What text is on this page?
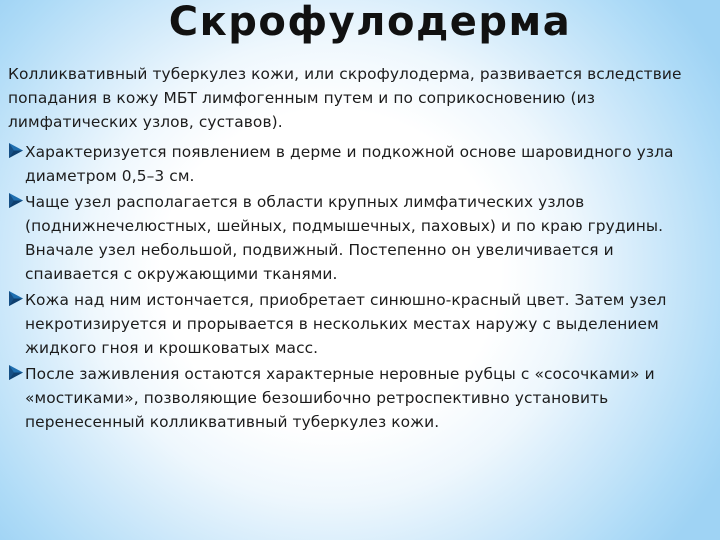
Скрофулодерма

Колликвативный туберкулез кожи, или скрофулодерма, развивается вследствие попадания в кожу МБТ лимфогенным путем и по соприкосновению (из лимфатических узлов, суставов).

Характеризуется появлением в дерме и подкожной основе шаровидного узла диаметром 0,5–3 см.
Чаще узел располагается в области крупных лимфатических узлов (поднижнечелюстных, шейных, подмышечных, паховых) и по краю грудины. Вначале узел небольшой, подвижный. Постепенно он увеличивается и спаивается с окружающими тканями.
Кожа над ним истончается, приобретает синюшно-красный цвет. Затем узел некротизируется и прорывается в нескольких местах наружу с выделением жидкого гноя и крошковатых масс.
После заживления остаются характерные неровные рубцы с «сосочками» и «мостиками», позволяющие безошибочно ретроспективно установить перенесенный колликвативный туберкулез кожи.
